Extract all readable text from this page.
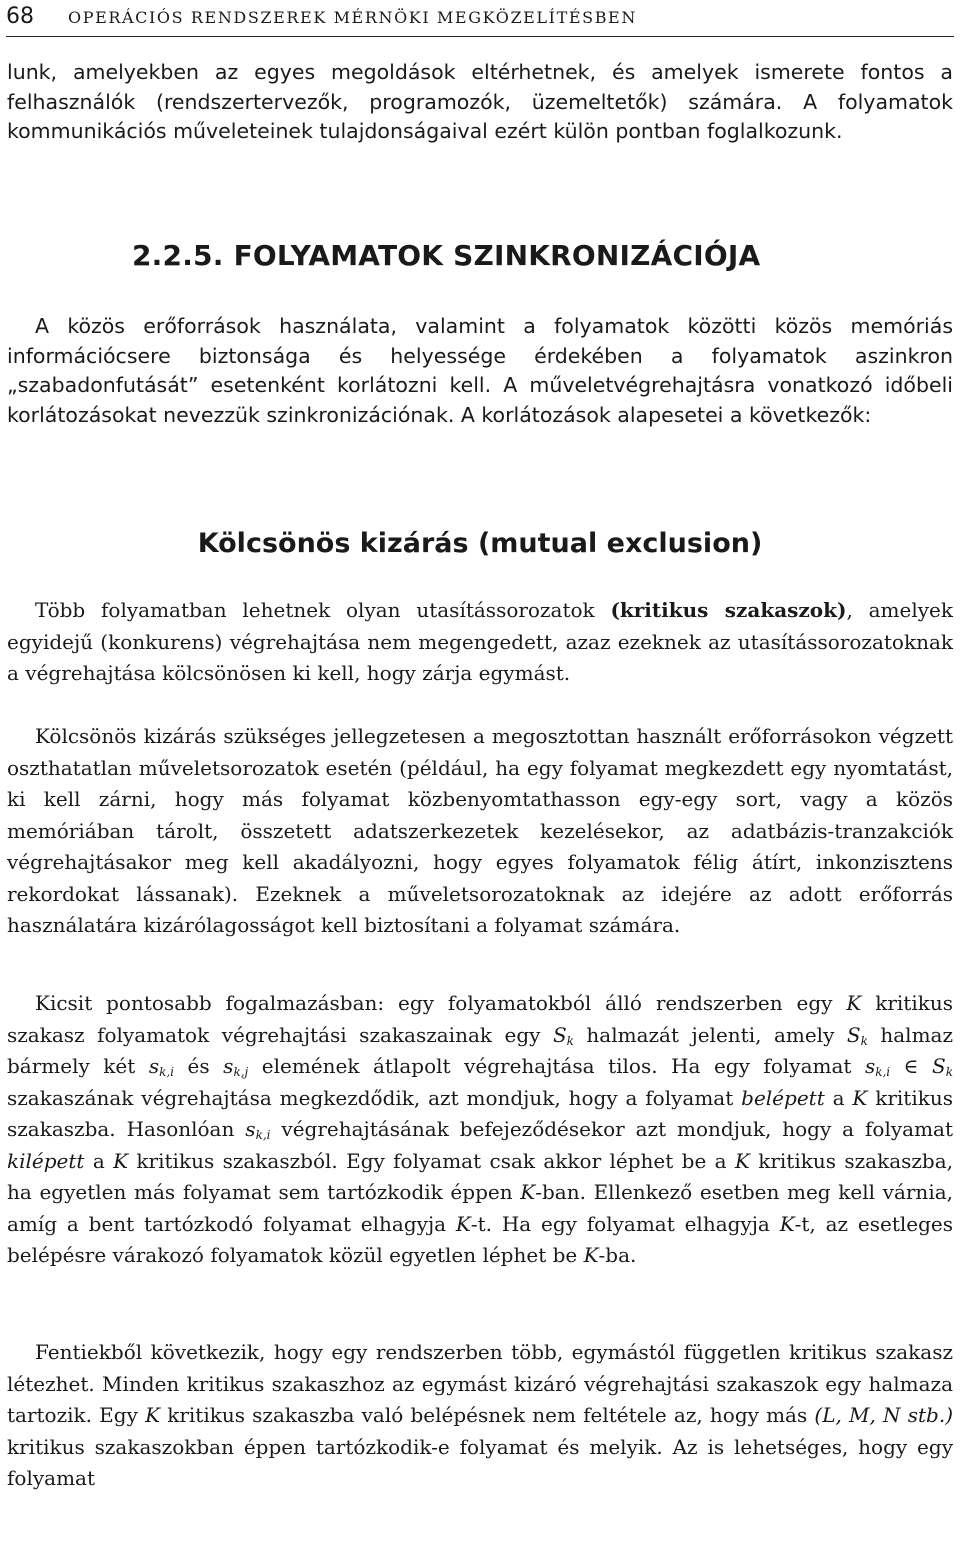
68 OPERÁCIÓS RENDSZEREK MÉRNÖKI MEGKÖZELÍTÉSBEN

lunk, amelyekben az egyes megoldások eltérhetnek, és amelyek ismerete fontos a felhasználók (rendszertervezők, programozók, üzemeltetők) számára. A folyamatok kommunikációs műveleteinek tulajdonságaival ezért külön pontban foglalkozunk.

2.2.5. FOLYAMATOK SZINKRONIZÁCIÓJA

A közös erőforrások használata, valamint a folyamatok közötti közös memóriás információcsere biztonsága és helyessége érdekében a folyamatok aszinkron „szabadonfutását” esetenként korlátozni kell. A műveletvégrehajtásra vonatkozó időbeli korlátozásokat nevezzük szinkronizációnak. A korlátozások alapesetei a következők:

Kölcsönös kizárás (mutual exclusion)

Több folyamatban lehetnek olyan utasítássorozatok (kritikus szakaszok), amelyek egyidejű (konkurens) végrehajtása nem megengedett, azaz ezeknek az utasítássorozatoknak a végrehajtása kölcsönösen ki kell, hogy zárja egymást.

Kölcsönös kizárás szükséges jellegzetesen a megosztottan használt erőforrásokon végzett oszthatatlan műveletsorozatok esetén (például, ha egy folyamat megkezdett egy nyomtatást, ki kell zárni, hogy más folyamat közbenyomtathasson egy-egy sort, vagy a közös memóriában tárolt, összetett adatszerkezetek kezelésekor, az adatbázis-tranzakciók végrehajtásakor meg kell akadályozni, hogy egyes folyamatok félig átírt, inkonzisztens rekordokat lássanak). Ezeknek a műveletsorozatoknak az idejére az adott erőforrás használatára kizárólagosságot kell biztosítani a folyamat számára.

Kicsit pontosabb fogalmazásban: egy folyamatokból álló rendszerben egy K kritikus szakasz folyamatok végrehajtási szakaszainak egy $S_k$ halmazát jelenti, amely $S_k$ halmaz bármely két $s_{k,i}$ és $s_{k,j}$ elemének átlapolt végrehajtása tilos. Ha egy folyamat $s_{k,i}$ ∈ $S_k$ szakaszának végrehajtása megkezdődik, azt mondjuk, hogy a folyamat belépett a K kritikus szakaszba. Hasonlóan $s_{k,i}$ végrehajtásának befejeződésekor azt mondjuk, hogy a folyamat kilépett a K kritikus szakaszból. Egy folyamat csak akkor léphet be a K kritikus szakaszba, ha egyetlen más folyamat sem tartózkodik éppen K-ban. Ellenkező esetben meg kell várnia, amíg a bent tartózkodó folyamat elhagyja K-t. Ha egy folyamat elhagyja K-t, az esetleges belépésre várakozó folyamatok közül egyetlen léphet be K-ba.

Fentiekből következik, hogy egy rendszerben több, egymástól független kritikus szakasz létezhet. Minden kritikus szakaszhoz az egymást kizáró végrehajtási szakaszok egy halmaza tartozik. Egy K kritikus szakaszba való belépésnek nem feltétele az, hogy más (L, M, N stb.) kritikus szakaszokban éppen tartózkodik-e folyamat és melyik. Az is lehetséges, hogy egy folyamat
